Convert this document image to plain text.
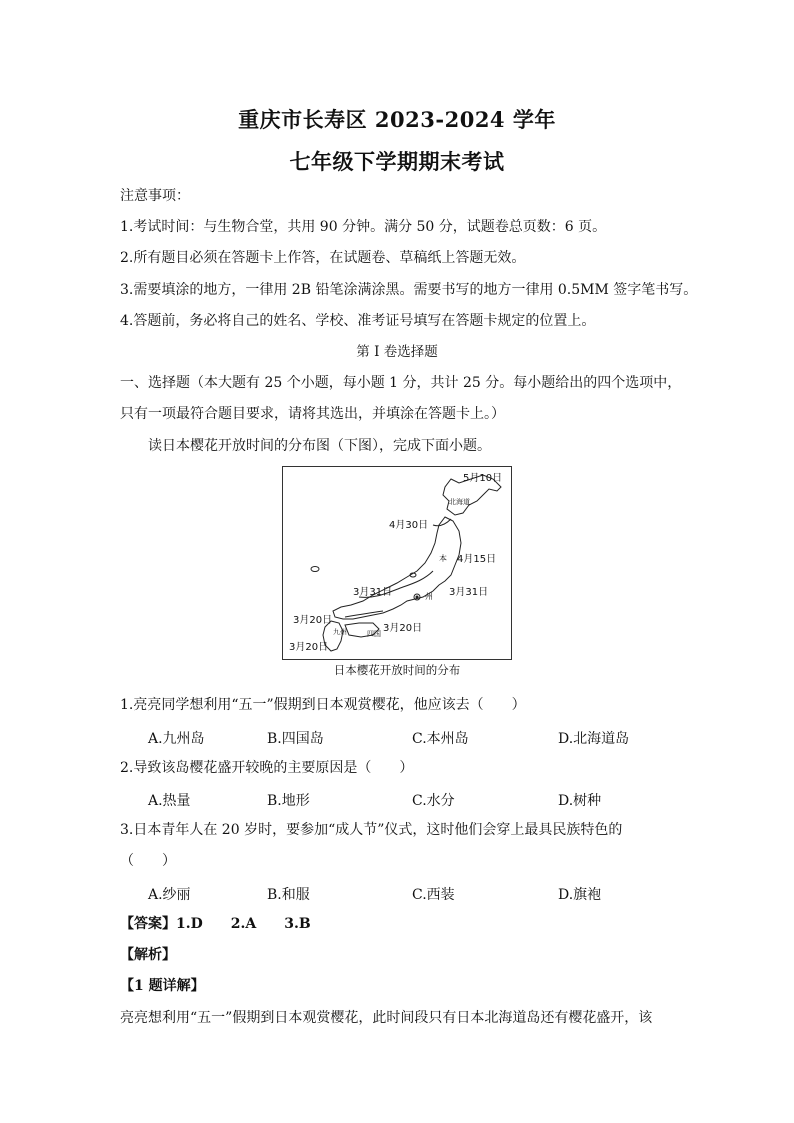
重庆市长寿区 2023-2024 学年
七年级下学期期末考试
注意事项：
1.考试时间：与生物合堂，共用 90 分钟。满分 50 分，试题卷总页数：6 页。
2.所有题目必须在答题卡上作答，在试题卷、草稿纸上答题无效。
3.需要填涂的地方，一律用 2B 铅笔涂满涂黑。需要书写的地方一律用 0.5MM 签字笔书写。
4.答题前，务必将自己的姓名、学校、准考证号填写在答题卡规定的位置上。
第 I 卷选择题
一、选择题（本大题有 25 个小题，每小题 1 分，共计 25 分。每小题给出的四个选项中，
只有一项最符合题目要求，请将其选出，并填涂在答题卡上。）
读日本樱花开放时间的分布图（下图），完成下面小题。
5月10日
北海道
4月30日
4月15日
本
州
3月31日	3月31日
3月20日
3月20日
3月20日
九州	四国
日本樱花开放时间的分布
1.亮亮同学想利用“五一”假期到日本观赏樱花，他应该去（　　）
A.九州岛	B.四国岛	C.本州岛	D.北海道岛
2.导致该岛樱花盛开较晚的主要原因是（　　）
A.热量	B.地形	C.水分	D.树种
3.日本青年人在 20 岁时，要参加“成人节”仪式，这时他们会穿上最具民族特色的
（　　）
A.纱丽	B.和服	C.西装	D.旗袍
【答案】1.D　　2.A　　3.B
【解析】
【1 题详解】
亮亮想利用“五一”假期到日本观赏樱花，此时间段只有日本北海道岛还有樱花盛开，该
